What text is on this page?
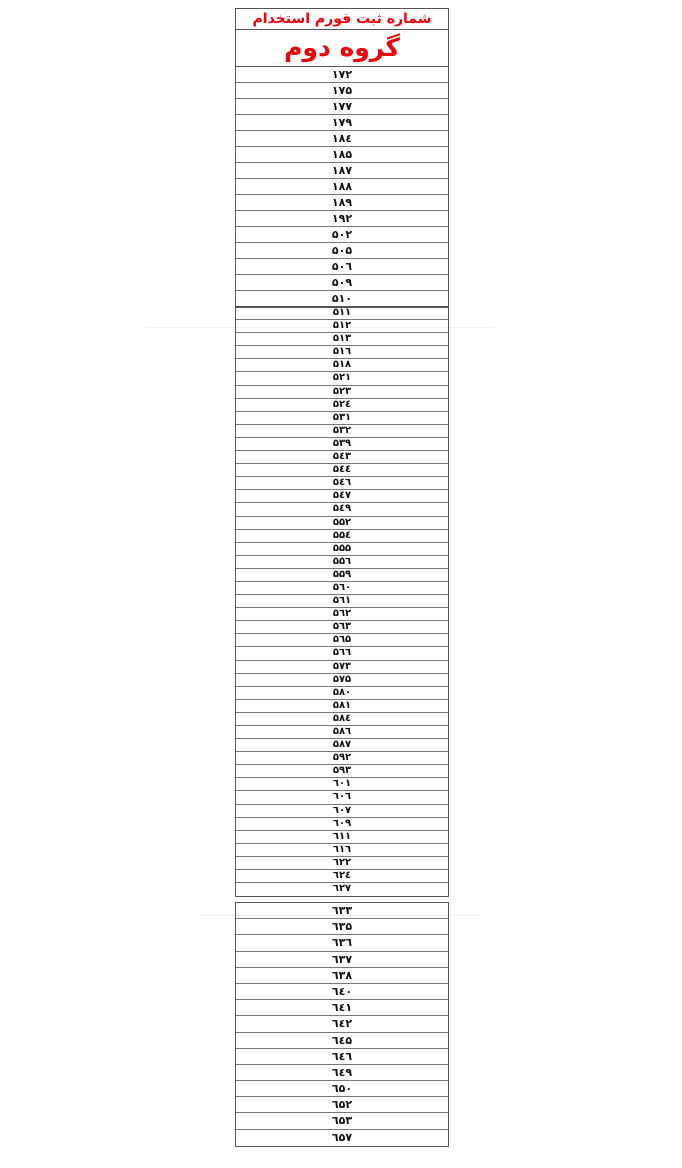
شماره ثبت فورم استخدام
گروه دوم
۱۷۲
۱۷۵
۱۷۷
۱۷۹
۱۸٤
۱۸۵
۱۸۷
۱۸۸
۱۸۹
۱۹۲
۵۰۲
۵۰۵
۵۰٦
۵۰۹
۵۱۰
۵۱۱
۵۱۲
۵۱۳
۵۱٦
۵۱۸
۵۲۱
۵۲۳
۵۲٤
۵۳۱
۵۳۲
۵۳۹
۵٤۳
۵٤٤
۵٤٦
۵٤۷
۵٤۹
۵۵۲
۵۵٤
۵۵۵
۵۵٦
۵۵۹
۵٦۰
۵٦۱
۵٦۲
۵٦۳
۵٦۵
۵٦٦
۵۷۳
۵۷۵
۵۸۰
۵۸۱
۵۸٤
۵۸٦
۵۸۷
۵۹۲
۵۹۳
٦۰۱
٦۰٦
٦۰۷
٦۰۹
٦۱۱
٦۱٦
٦۲۲
٦۲٤
٦۲۷
٦۳۳
٦۳۵
٦۳٦
٦۳۷
٦۳۸
٦٤۰
٦٤۱
٦٤۲
٦٤۵
٦٤٦
٦٤۹
٦۵۰
٦۵۲
٦۵۳
٦۵۷
